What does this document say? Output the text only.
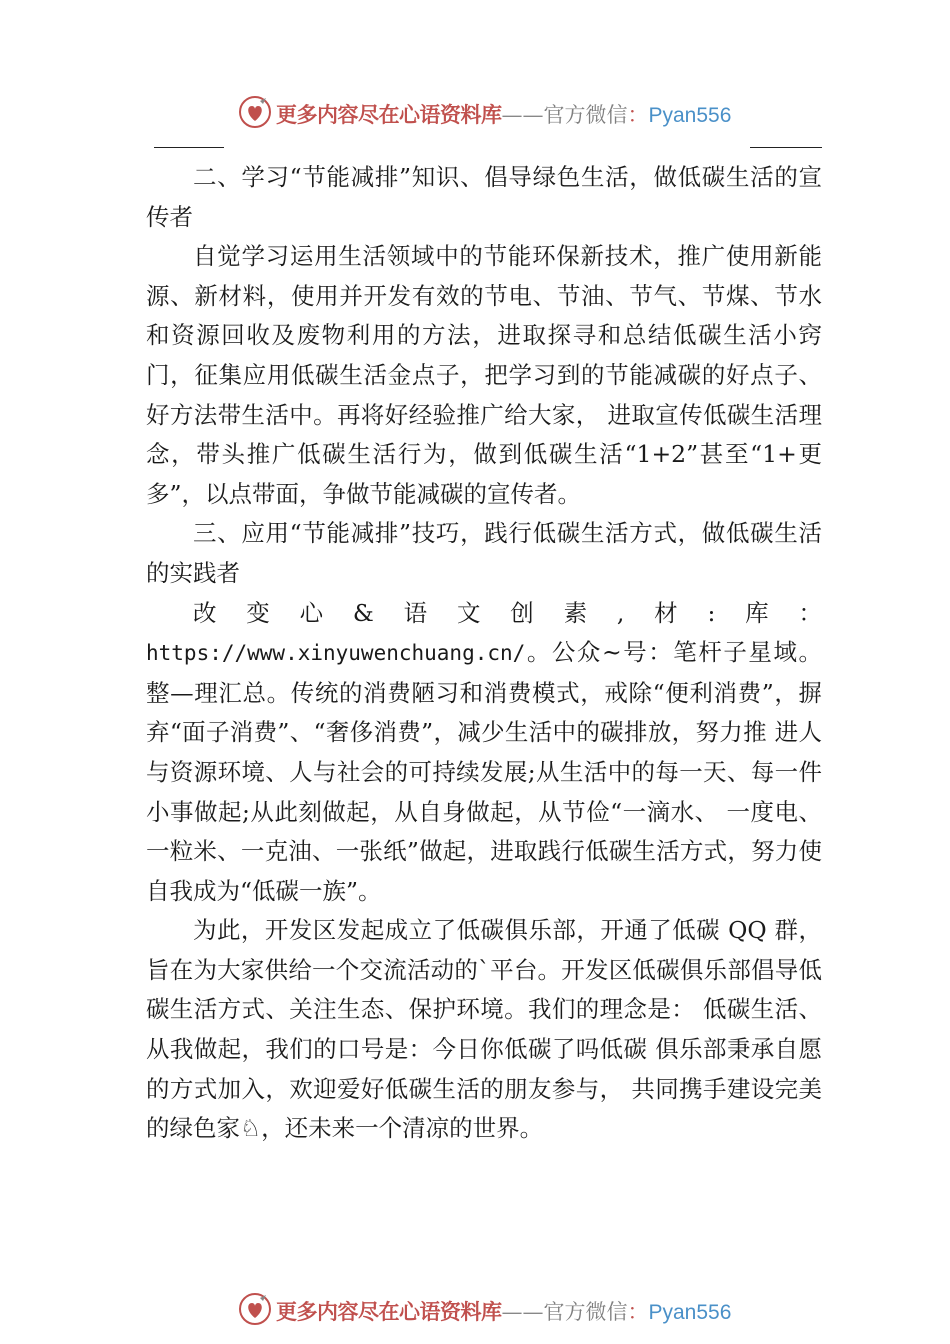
更多内容尽在心语资料库——官方微信：Pyan556

二、学习“节能减排”知识、倡导绿色生活，做低碳生活的宣传者

自觉学习运用生活领域中的节能环保新技术，推广使用新能源、新材料，使用并开发有效的节电、节油、节气、节煤、节水和资源回收及废物利用的方法，进取探寻和总结低碳生活小窍门，征集应用低碳生活金点子，把学习到的节能减碳的好点子、好方法带生活中。再将好经验推广给大家， 进取宣传低碳生活理念，带头推广低碳生活行为，做到低碳生活“1+2”甚至“1+更多”，以点带面，争做节能减碳的宣传者。

三、应用“节能减排”技巧，践行低碳生活方式，做低碳生活的实践者

改变心&语文创素,材:库：https://www.xinyuwenchuang.cn/。公众~号：笔杆子星域。整—理汇总。传统的消费陋习和消费模式，戒除“便利消费”，摒 弃“面子消费”、“奢侈消费”，减少生活中的碳排放，努力推 进人与资源环境、人与社会的可持续发展;从生活中的每一天、每一件小事做起;从此刻做起，从自身做起，从节俭“一滴水、 一度电、一粒米、一克油、一张纸”做起，进取践行低碳生活方式，努力使自我成为“低碳一族”。

为此，开发区发起成立了低碳俱乐部，开通了低碳 QQ 群，旨在为大家供给一个交流活动的`平台。开发区低碳俱乐部倡导低碳生活方式、关注生态、保护环境。我们的理念是： 低碳生活、从我做起，我们的口号是：今日你低碳了吗低碳 俱乐部秉承自愿的方式加入，欢迎爱好低碳生活的朋友参与， 共同携手建设完美的绿色家♘，还未来一个清凉的世界。

更多内容尽在心语资料库——官方微信：Pyan556
